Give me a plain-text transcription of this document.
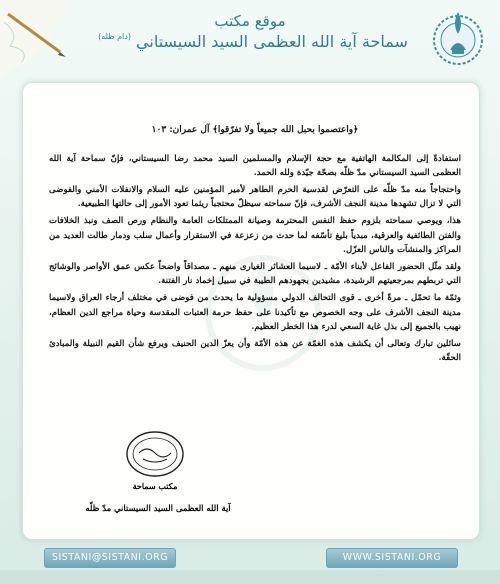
موقع مكتب
سماحة آية الله العظمى السيد السيستاني $^{(دام ظله)}$
﴿واعتصموا بحبل الله جميعاً ولا تفرّقوا﴾ آل عمران: ١٠٣

استفادةً إلى المكالمة الهاتفية مع حجة الإسلام والمسلمين السيد محمد رضا السيستاني، فإنّ سماحة آية الله العظمى السيد السيستاني مدّ ظلّه بصحّة جيّدة ولله الحمد.

واحتجاجاً منه مدّ ظلّه على التعرّض لقدسية الحرم الطاهر لأمير المؤمنين عليه السلام والانفلات الأمني والفوضى التي لا تزال تشهدها مدينة النجف الأشرف، فإنّ سماحته سيظلّ محتجباً ريثما تعود الأمور إلى حالتها الطبيعية.

هذا، ويوصي سماحته بلزوم حفظ النفس المحترمة وصيانة الممتلكات العامة والنظام ورص الصف ونبذ الخلافات والفتن الطائفية والعرقية، مبدياً بليغ تأسّفه لما حدث من زعزعة في الاستقرار وأعمال سلب ودمار طالت العديد من المراكز والمنشآت والناس العزّل.

ولقد مثّل الحضور الفاعل لأبناء الأمّة ـ لاسيما العشائر الغيارى منهم ـ مصداقاً واضحاً عكس عمق الأواصر والوشائج التي تربطهم بمرجعيتهم الرشيدة، مشيدين بجهودهم الطيبة في سبيل إخماد نار الفتنة.

وثمّة ما تحمّل ـ مرةً أخرى ـ قوى التحالف الدولي مسؤولية ما يحدث من فوضى في مختلف أرجاء العراق ولاسيما مدينة النجف الأشرف على وجه الخصوص مع تأكيدنا على حفظ حرمة العتبات المقدسة وحياة مراجع الدين العظام، نهيب بالجميع إلى بذل غاية السعي لدرء هذا الخطر العظيم.

سائلين تبارك وتعالى أن يكشف هذه الغمّة عن هذه الأمّة وأن يعزّ الدين الحنيف ويرفع شأن القيم النبيلة والمبادئ الحقّة.

مكتب سماحة
آية الله العظمى السيد السيستاني مدّ ظلّه
SISTANI@SISTANI.ORG	WWW.SISTANI.ORG
